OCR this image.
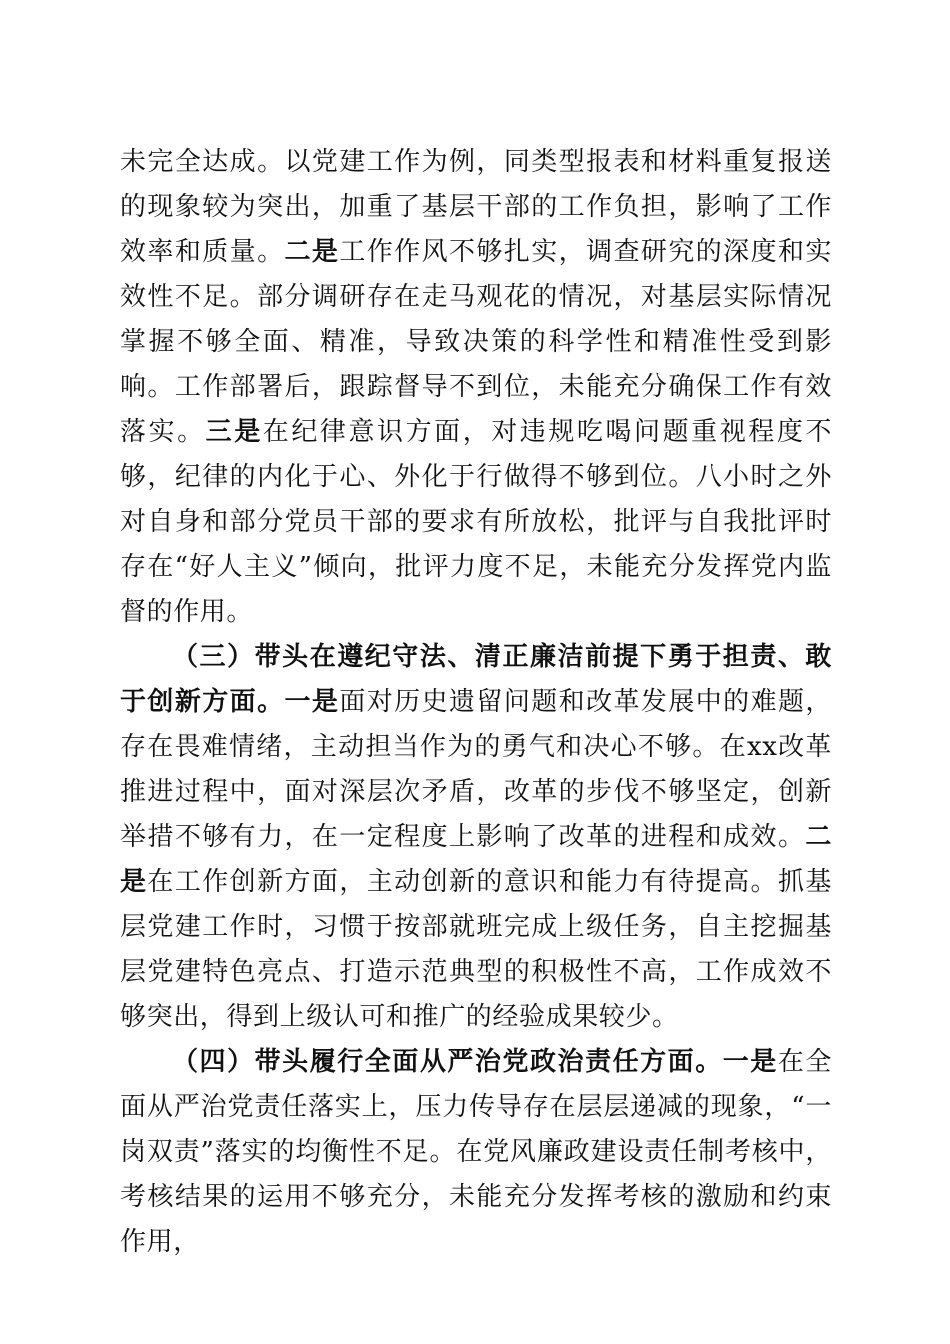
未完全达成。以党建工作为例，同类型报表和材料重复报送的现象较为突出，加重了基层干部的工作负担，影响了工作效率和质量。二是工作作风不够扎实，调查研究的深度和实效性不足。部分调研存在走马观花的情况，对基层实际情况掌握不够全面、精准，导致决策的科学性和精准性受到影响。工作部署后，跟踪督导不到位，未能充分确保工作有效落实。三是在纪律意识方面，对违规吃喝问题重视程度不够，纪律的内化于心、外化于行做得不够到位。八小时之外对自身和部分党员干部的要求有所放松，批评与自我批评时存在“好人主义”倾向，批评力度不足，未能充分发挥党内监督的作用。

（三）带头在遵纪守法、清正廉洁前提下勇于担责、敢于创新方面。一是面对历史遗留问题和改革发展中的难题，存在畏难情绪，主动担当作为的勇气和决心不够。在xx改革推进过程中，面对深层次矛盾，改革的步伐不够坚定，创新举措不够有力，在一定程度上影响了改革的进程和成效。二是在工作创新方面，主动创新的意识和能力有待提高。抓基层党建工作时，习惯于按部就班完成上级任务，自主挖掘基层党建特色亮点、打造示范典型的积极性不高，工作成效不够突出，得到上级认可和推广的经验成果较少。

（四）带头履行全面从严治党政治责任方面。一是在全面从严治党责任落实上，压力传导存在层层递减的现象，“一岗双责”落实的均衡性不足。在党风廉政建设责任制考核中，考核结果的运用不够充分，未能充分发挥考核的激励和约束作用，
